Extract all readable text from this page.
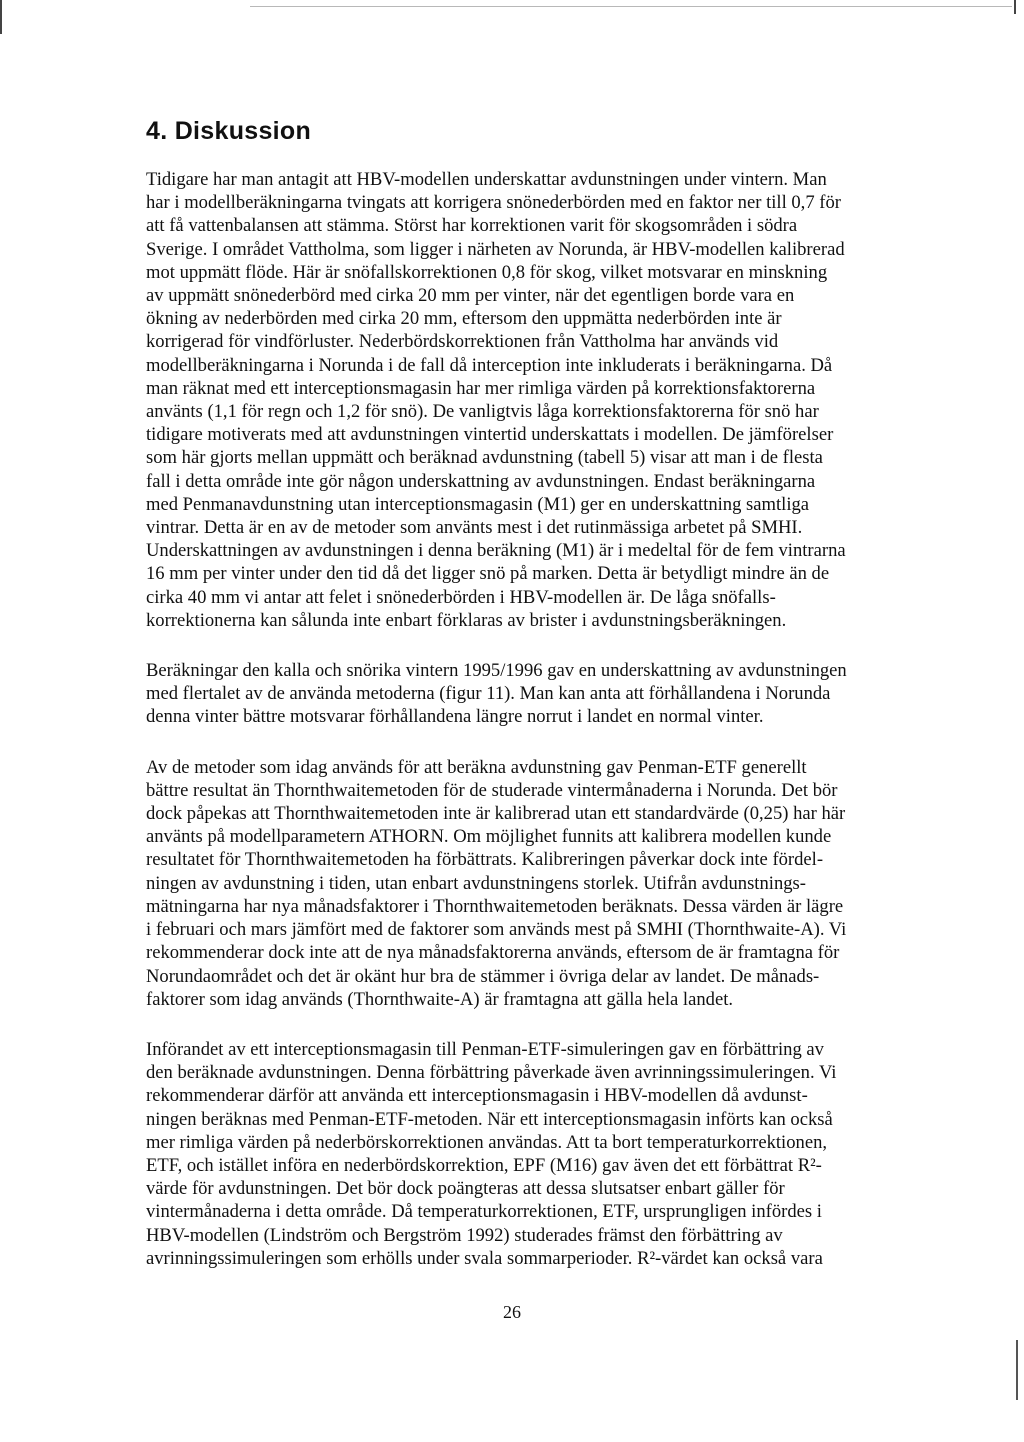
4. Diskussion

Tidigare har man antagit att HBV-modellen underskattar avdunstningen under vintern. Man
har i modellberäkningarna tvingats att korrigera snönederbörden med en faktor ner till 0,7 för
att få vattenbalansen att stämma. Störst har korrektionen varit för skogsområden i södra
Sverige. I området Vattholma, som ligger i närheten av Norunda, är HBV-modellen kalibrerad
mot uppmätt flöde. Här är snöfallskorrektionen 0,8 för skog, vilket motsvarar en minskning
av uppmätt snönederbörd med cirka 20 mm per vinter, när det egentligen borde vara en
ökning av nederbörden med cirka 20 mm, eftersom den uppmätta nederbörden inte är
korrigerad för vindförluster. Nederbördskorrektionen från Vattholma har används vid
modellberäkningarna i Norunda i de fall då interception inte inkluderats i beräkningarna. Då
man räknat med ett interceptionsmagasin har mer rimliga värden på korrektionsfaktorerna
använts (1,1 för regn och 1,2 för snö). De vanligtvis låga korrektionsfaktorerna för snö har
tidigare motiverats med att avdunstningen vintertid underskattats i modellen. De jämförelser
som här gjorts mellan uppmätt och beräknad avdunstning (tabell 5) visar att man i de flesta
fall i detta område inte gör någon underskattning av avdunstningen. Endast beräkningarna
med Penmanavdunstning utan interceptionsmagasin (M1) ger en underskattning samtliga
vintrar. Detta är en av de metoder som använts mest i det rutinmässiga arbetet på SMHI.
Underskattningen av avdunstningen i denna beräkning (M1) är i medeltal för de fem vintrarna
16 mm per vinter under den tid då det ligger snö på marken. Detta är betydligt mindre än de
cirka 40 mm vi antar att felet i snönederbörden i HBV-modellen är. De låga snöfalls-
korrektionerna kan sålunda inte enbart förklaras av brister i avdunstningsberäkningen.

Beräkningar den kalla och snörika vintern 1995/1996 gav en underskattning av avdunstningen
med flertalet av de använda metoderna (figur 11). Man kan anta att förhållandena i Norunda
denna vinter bättre motsvarar förhållandena längre norrut i landet en normal vinter.

Av de metoder som idag används för att beräkna avdunstning gav Penman-ETF generellt
bättre resultat än Thornthwaitemetoden för de studerade vintermånaderna i Norunda. Det bör
dock påpekas att Thornthwaitemetoden inte är kalibrerad utan ett standardvärde (0,25) har här
använts på modellparametern ATHORN. Om möjlighet funnits att kalibrera modellen kunde
resultatet för Thornthwaitemetoden ha förbättrats. Kalibreringen påverkar dock inte fördel-
ningen av avdunstning i tiden, utan enbart avdunstningens storlek. Utifrån avdunstnings-
mätningarna har nya månadsfaktorer i Thornthwaitemetoden beräknats. Dessa värden är lägre
i februari och mars jämfört med de faktorer som används mest på SMHI (Thornthwaite-A). Vi
rekommenderar dock inte att de nya månadsfaktorerna används, eftersom de är framtagna för
Norundaområdet och det är okänt hur bra de stämmer i övriga delar av landet. De månads-
faktorer som idag används (Thornthwaite-A) är framtagna att gälla hela landet.

Införandet av ett interceptionsmagasin till Penman-ETF-simuleringen gav en förbättring av
den beräknade avdunstningen. Denna förbättring påverkade även avrinningssimuleringen. Vi
rekommenderar därför att använda ett interceptionsmagasin i HBV-modellen då avdunst-
ningen beräknas med Penman-ETF-metoden. När ett interceptionsmagasin införts kan också
mer rimliga värden på nederbörskorrektionen användas. Att ta bort temperaturkorrektionen,
ETF, och istället införa en nederbördskorrektion, EPF (M16) gav även det ett förbättrat R²-
värde för avdunstningen. Det bör dock poängteras att dessa slutsatser enbart gäller för
vintermånaderna i detta område. Då temperaturkorrektionen, ETF, ursprungligen infördes i
HBV-modellen (Lindström och Bergström 1992) studerades främst den förbättring av
avrinningssimuleringen som erhölls under svala sommarperioder. R²-värdet kan också vara

26
